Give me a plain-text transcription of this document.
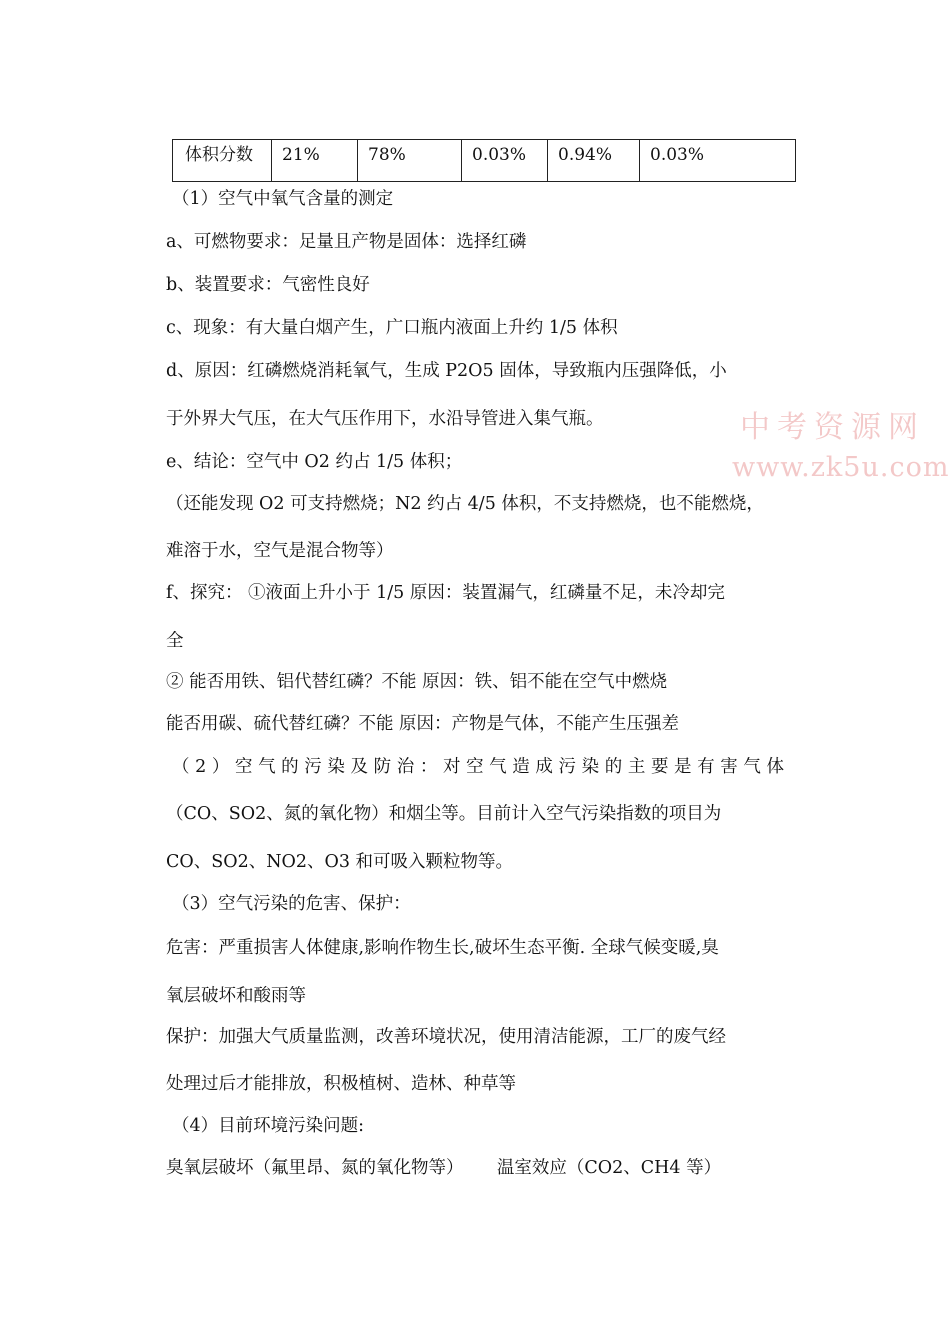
体积分数	21%	78%	0.03%	0.94%	0.03%
（1）空气中氧气含量的测定
a、可燃物要求：足量且产物是固体：选择红磷
b、装置要求：气密性良好
c、现象：有大量白烟产生，广口瓶内液面上升约 1/5 体积
d、原因：红磷燃烧消耗氧气，生成 P2O5 固体，导致瓶内压强降低，小
于外界大气压，在大气压作用下，水沿导管进入集气瓶。
e、结论：空气中 O2 约占 1/5 体积；
（还能发现 O2 可支持燃烧；N2 约占 4/5 体积，不支持燃烧，也不能燃烧，
难溶于水，空气是混合物等）
f、探究： ①液面上升小于 1/5 原因：装置漏气，红磷量不足，未冷却完
全
② 能否用铁、铝代替红磷？不能 原因：铁、铝不能在空气中燃烧
能否用碳、硫代替红磷？不能 原因：产物是气体，不能产生压强差
（2）空气的污染及防治：对空气造成污染的主要是有害气体
（CO、SO2、氮的氧化物）和烟尘等。目前计入空气污染指数的项目为
CO、SO2、NO2、O3 和可吸入颗粒物等。
（3）空气污染的危害、保护：
危害：严重损害人体健康,影响作物生长,破坏生态平衡. 全球气候变暖,臭
氧层破坏和酸雨等
保护：加强大气质量监测，改善环境状况，使用清洁能源，工厂的废气经
处理过后才能排放，积极植树、造林、种草等
（4）目前环境污染问题:
臭氧层破坏（氟里昂、氮的氧化物等）      温室效应（CO2、CH4 等）
中考资源网
www.zk5u.com
